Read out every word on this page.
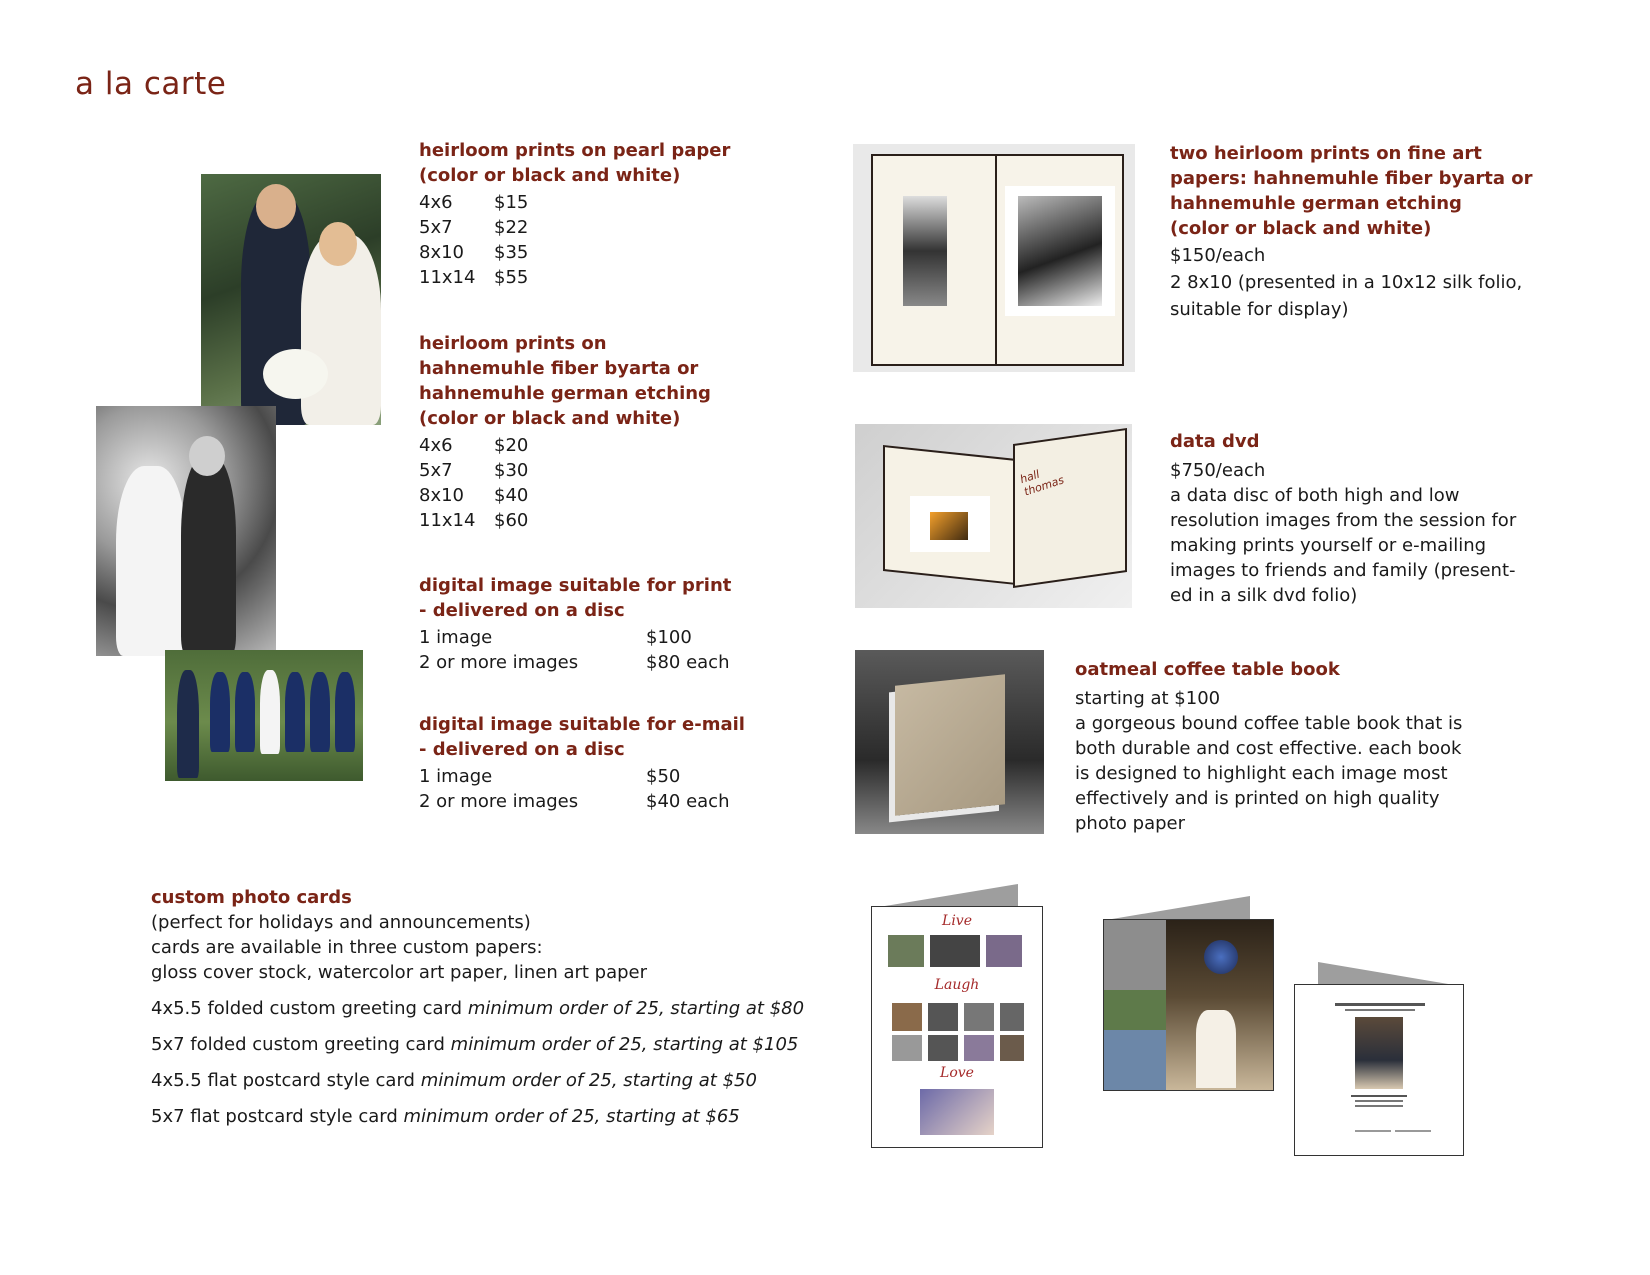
a la carte
heirloom prints on pearl paper
(color or black and white)
4x6	$15
5x7	$22
8x10	$35
11x14	$55
heirloom prints on
hahnemuhle fiber byarta or
hahnemuhle german etching
(color or black and white)
4x6	$20
5x7	$30
8x10	$40
11x14	$60
digital image suitable for print
- delivered on a disc
1 image	$100
2 or more images	$80 each
digital image suitable for e-mail
- delivered on a disc
1 image	$50
2 or more images	$40 each
two heirloom prints on fine art
papers: hahnemuhle fiber byarta or
hahnemuhle german etching
(color or black and white)
$150/each
2 8x10 (presented in a 10x12 silk folio,
suitable for display)
hall thomas
data dvd
$750/each
a data disc of both high and low
resolution images from the session for
making prints yourself or e-mailing
images to friends and family (present-
ed in a silk dvd folio)
oatmeal coffee table book
starting at $100
a gorgeous bound coffee table book that is
both durable and cost effective. each book
is designed to highlight each image most
effectively and is printed on high quality
photo paper
custom photo cards
(perfect for holidays and announcements)
cards are available in three custom papers:
gloss cover stock, watercolor art paper, linen art paper
4x5.5 folded custom greeting card minimum order of 25, starting at $80
5x7 folded custom greeting card minimum order of 25, starting at $105
4x5.5 flat postcard style card minimum order of 25, starting at $50
5x7 flat postcard style card minimum order of 25, starting at $65
Live
Laugh
Love
